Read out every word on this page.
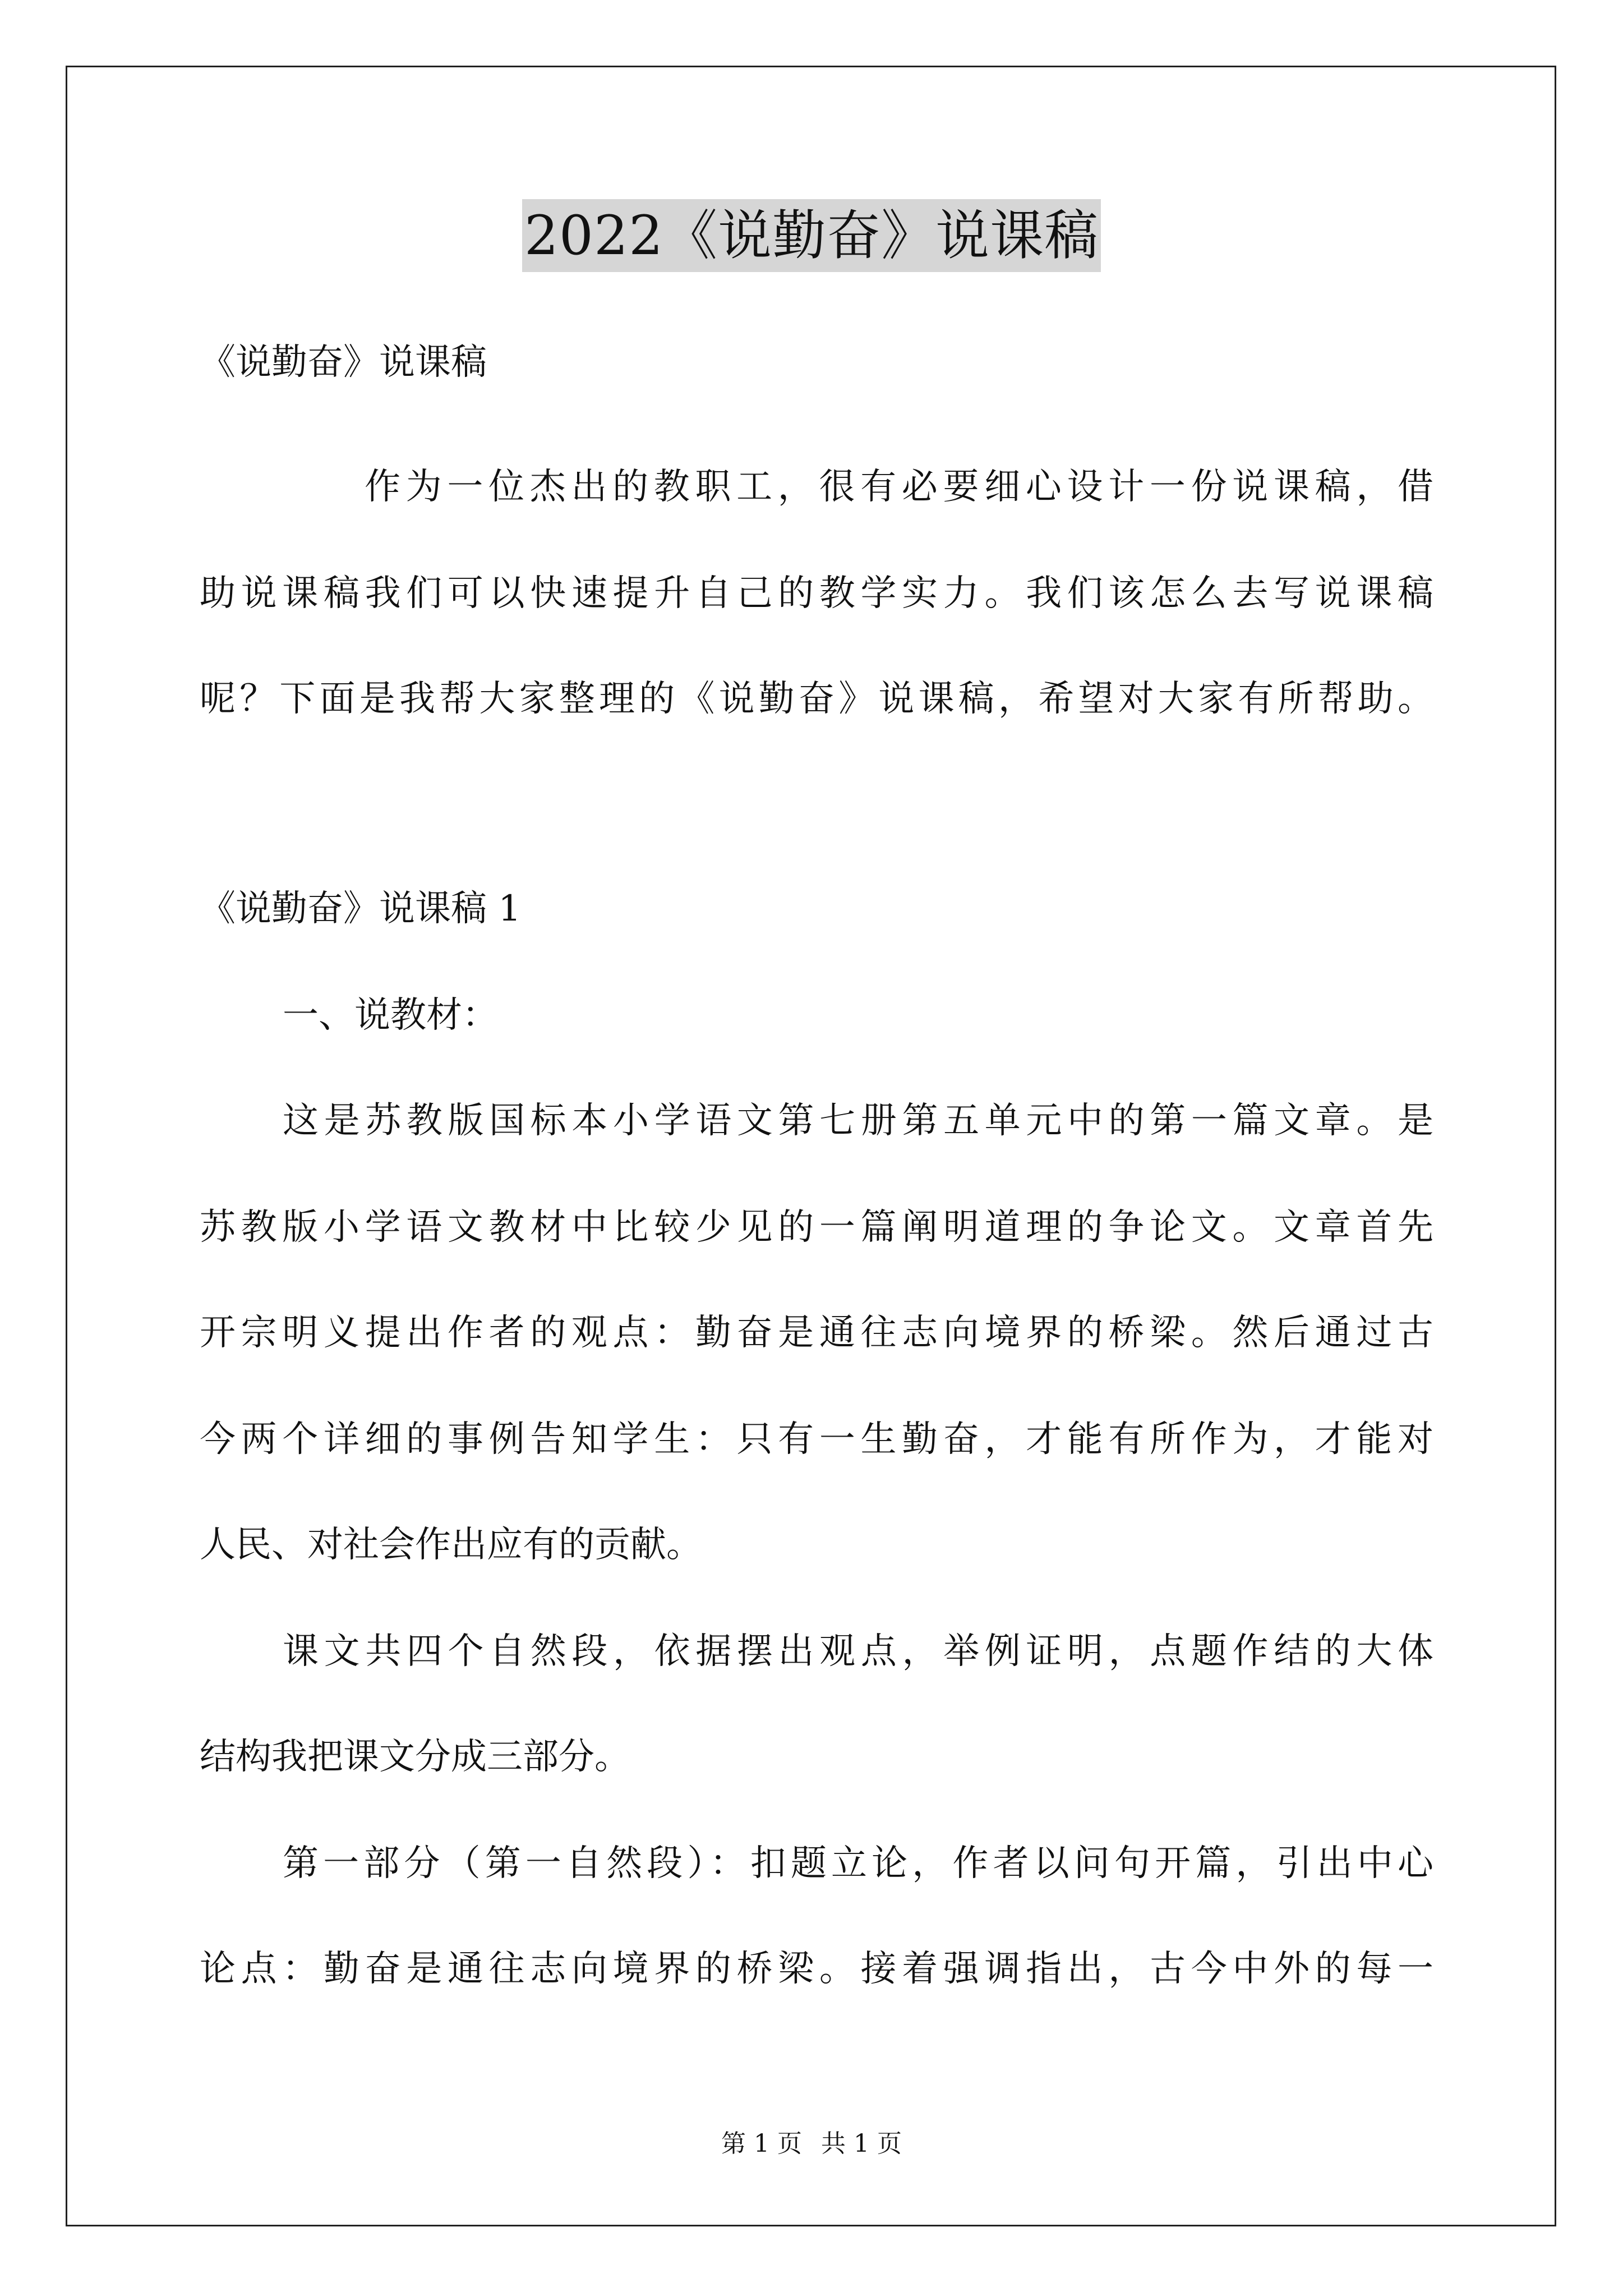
2022《说勤奋》说课稿
《说勤奋》说课稿
作为一位杰出的教职工，很有必要细心设计一份说课稿，借
助说课稿我们可以快速提升自己的教学实力。我们该怎么去写说课稿
呢？下面是我帮大家整理的《说勤奋》说课稿，希望对大家有所帮助。
《说勤奋》说课稿 1
一、说教材：
这是苏教版国标本小学语文第七册第五单元中的第一篇文章。是
苏教版小学语文教材中比较少见的一篇阐明道理的争论文。文章首先
开宗明义提出作者的观点：勤奋是通往志向境界的桥梁。然后通过古
今两个详细的事例告知学生：只有一生勤奋，才能有所作为，才能对
人民、对社会作出应有的贡献。
课文共四个自然段，依据摆出观点，举例证明，点题作结的大体
结构我把课文分成三部分。
第一部分（第一自然段）：扣题立论，作者以问句开篇，引出中心
论点：勤奋是通往志向境界的桥梁。接着强调指出，古今中外的每一
第 1 页 共 1 页
